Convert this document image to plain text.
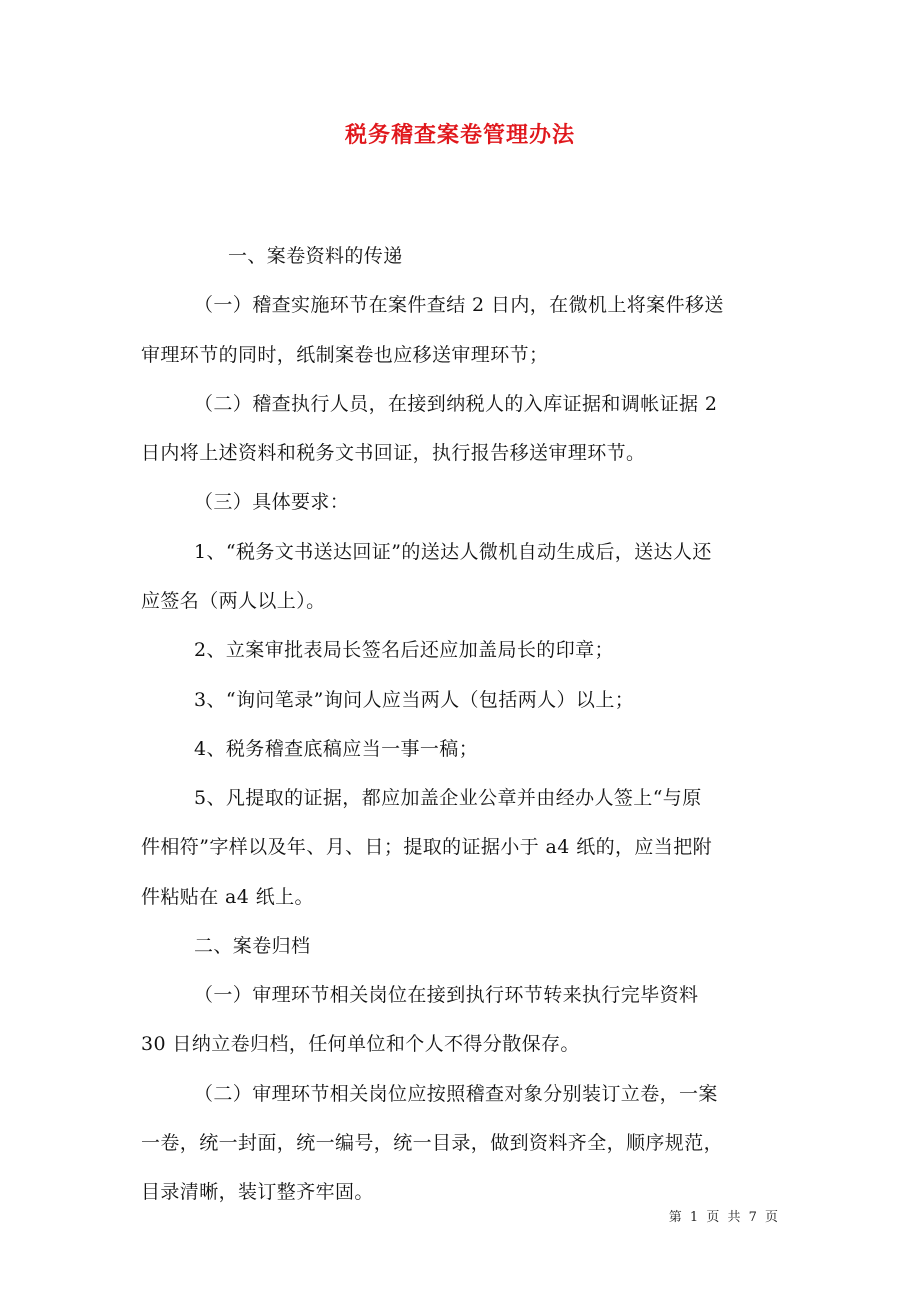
税务稽查案卷管理办法
一、案卷资料的传递
（一）稽查实施环节在案件查结 2 日内，在微机上将案件移送
审理环节的同时，纸制案卷也应移送审理环节；
（二）稽查执行人员，在接到纳税人的入库证据和调帐证据 2
日内将上述资料和税务文书回证，执行报告移送审理环节。
（三）具体要求：
1、“税务文书送达回证”的送达人微机自动生成后，送达人还
应签名（两人以上）。
2、立案审批表局长签名后还应加盖局长的印章；
3、“询问笔录”询问人应当两人（包括两人）以上；
4、税务稽查底稿应当一事一稿；
5、凡提取的证据，都应加盖企业公章并由经办人签上“与原
件相符”字样以及年、月、日；提取的证据小于 a4 纸的，应当把附
件粘贴在 a4 纸上。
二、案卷归档
（一）审理环节相关岗位在接到执行环节转来执行完毕资料
30 日纳立卷归档，任何单位和个人不得分散保存。
（二）审理环节相关岗位应按照稽查对象分别装订立卷，一案
一卷，统一封面，统一编号，统一目录，做到资料齐全，顺序规范，
目录清晰，装订整齐牢固。
第 1 页 共 7 页
